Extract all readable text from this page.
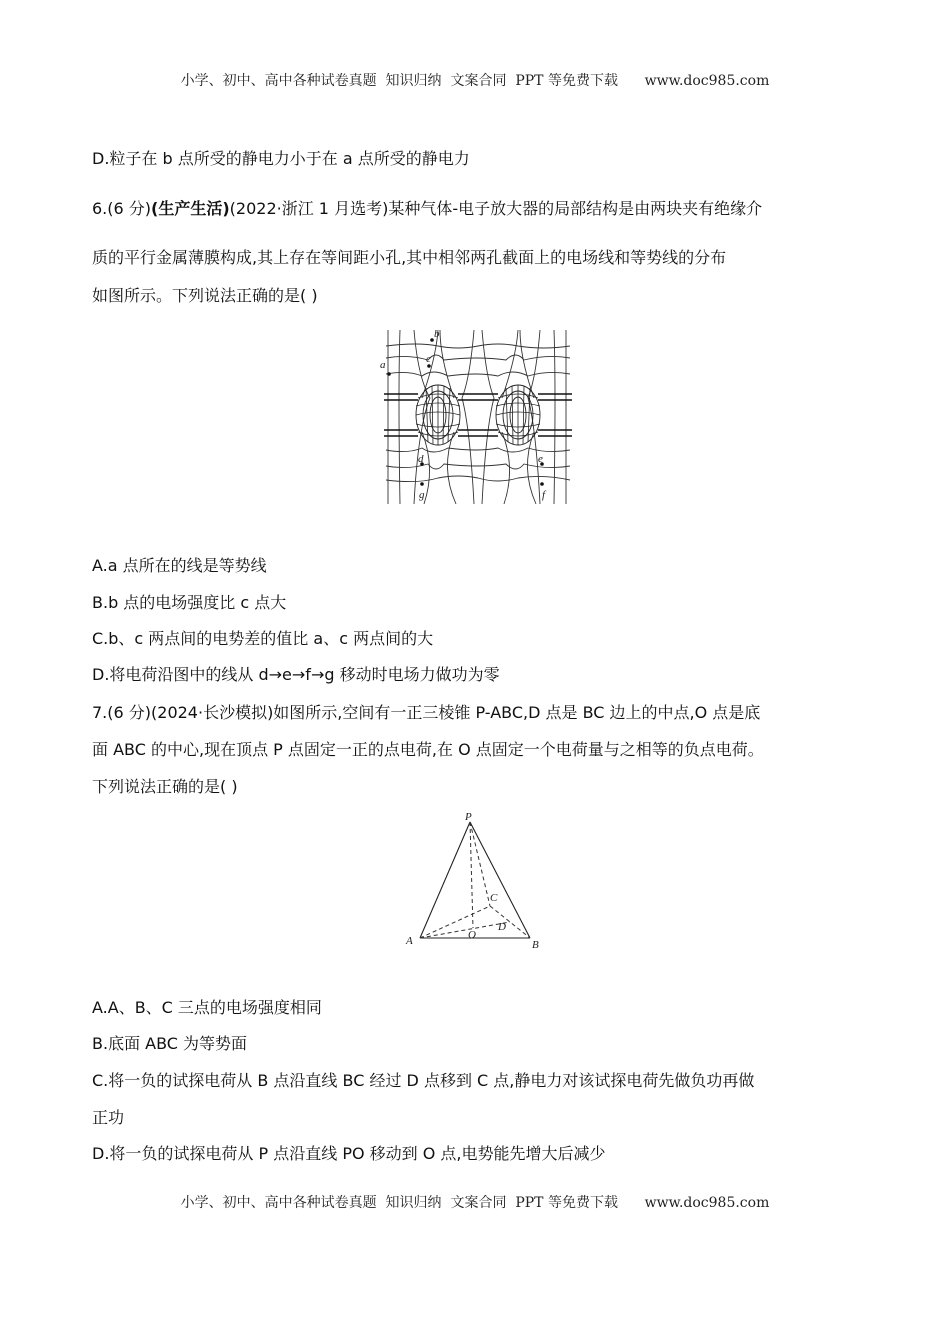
小学、初中、高中各种试卷真题  知识归纳  文案合同  PPT 等免费下载      www.doc985.com
D.粒子在 b 点所受的静电力小于在 a 点所受的静电力
6.(6 分)(生产生活)(2022·浙江 1 月选考)某种气体-电子放大器的局部结构是由两块夹有绝缘介
质的平行金属薄膜构成,其上存在等间距小孔,其中相邻两孔截面上的电场线和等势线的分布
如图所示。下列说法正确的是( )
a
b
c
d	e
f
g
A.a 点所在的线是等势线
B.b 点的电场强度比 c 点大
C.b、c 两点间的电势差的值比 a、c 两点间的大
D.将电荷沿图中的线从 d→e→f→g 移动时电场力做功为零
7.(6 分)(2024·长沙模拟)如图所示,空间有一正三棱锥 P-ABC,D 点是 BC 边上的中点,O 点是底
面 ABC 的中心,现在顶点 P 点固定一正的点电荷,在 O 点固定一个电荷量与之相等的负点电荷。
下列说法正确的是( )
P
C
A	O
D
B
A.A、B、C 三点的电场强度相同
B.底面 ABC 为等势面
C.将一负的试探电荷从 B 点沿直线 BC 经过 D 点移到 C 点,静电力对该试探电荷先做负功再做
正功
D.将一负的试探电荷从 P 点沿直线 PO 移动到 O 点,电势能先增大后减少
小学、初中、高中各种试卷真题  知识归纳  文案合同  PPT 等免费下载      www.doc985.com
